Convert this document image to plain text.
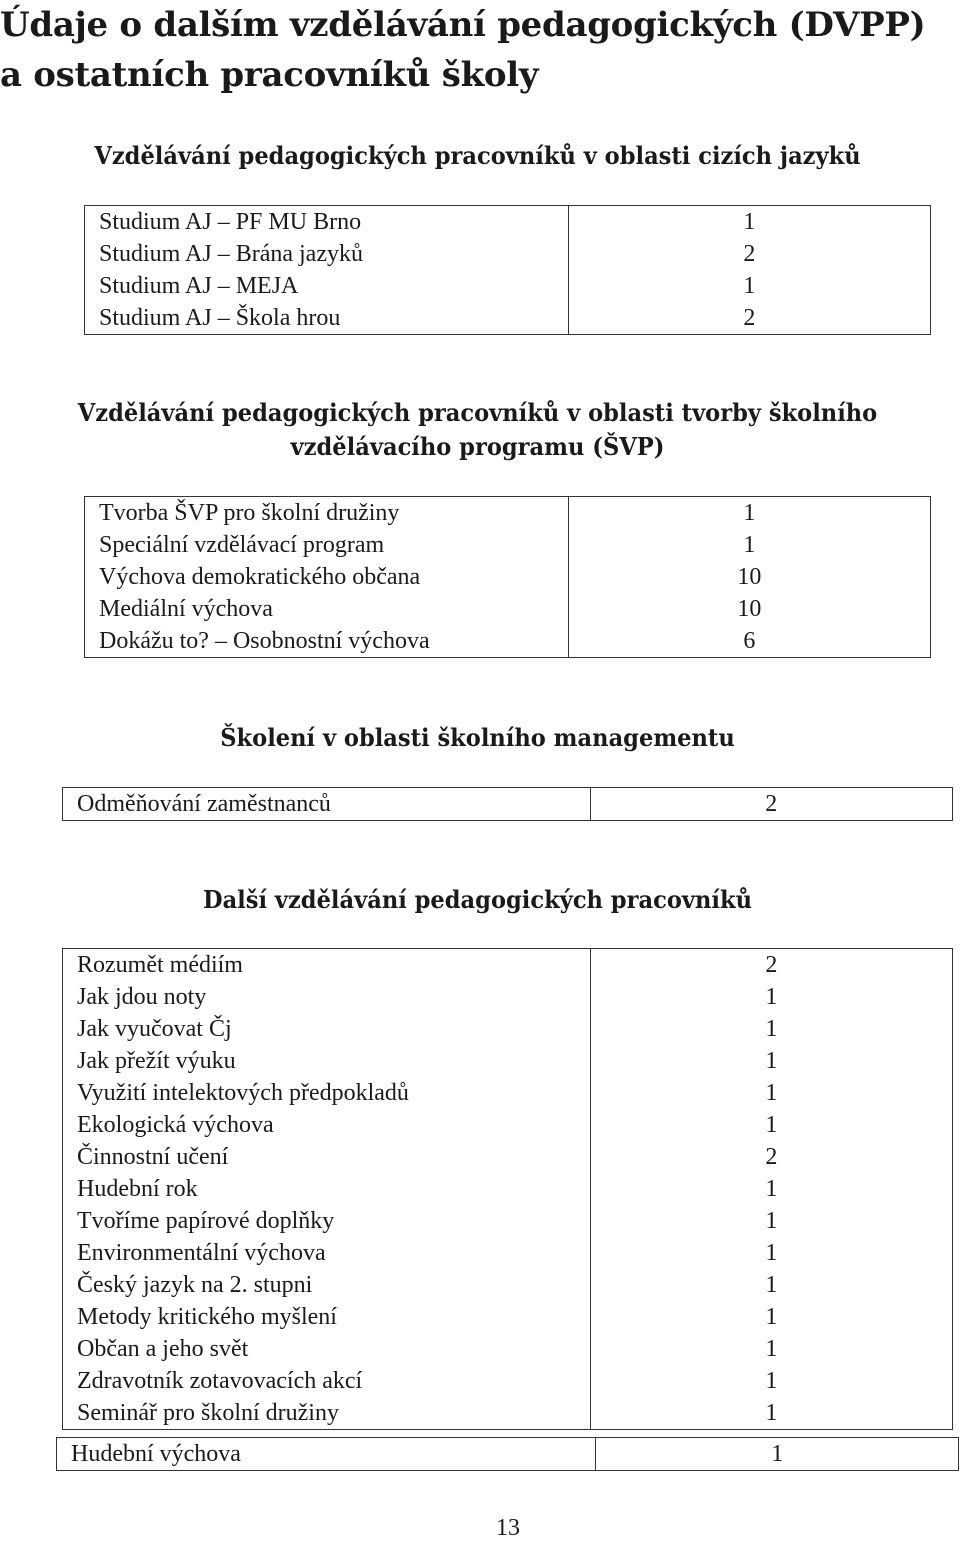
Údaje o dalším vzdělávání pedagogických (DVPP)
a ostatních pracovníků školy
Vzdělávání pedagogických pracovníků v oblasti cizích jazyků
Studium AJ – PF MU Brno	1
Studium AJ – Brána jazyků	2
Studium AJ – MEJA	1
Studium AJ – Škola hrou	2
Vzdělávání pedagogických pracovníků v oblasti tvorby školního
vzdělávacího programu (ŠVP)
Tvorba ŠVP pro školní družiny	1
Speciální vzdělávací program	1
Výchova demokratického občana	10
Mediální výchova	10
Dokážu to? – Osobnostní výchova	6
Školení v oblasti školního managementu
Odměňování zaměstnanců	2
Další vzdělávání pedagogických pracovníků
Rozumět médiím	2
Jak jdou noty	1
Jak vyučovat Čj	1
Jak přežít výuku	1
Využití intelektových předpokladů	1
Ekologická výchova	1
Činnostní učení	2
Hudební rok	1
Tvoříme papírové doplňky	1
Environmentální výchova	1
Český jazyk na 2. stupni	1
Metody kritického myšlení	1
Občan a jeho svět	1
Zdravotník zotavovacích akcí	1
Seminář pro školní družiny	1
Hudební výchova	1
13
